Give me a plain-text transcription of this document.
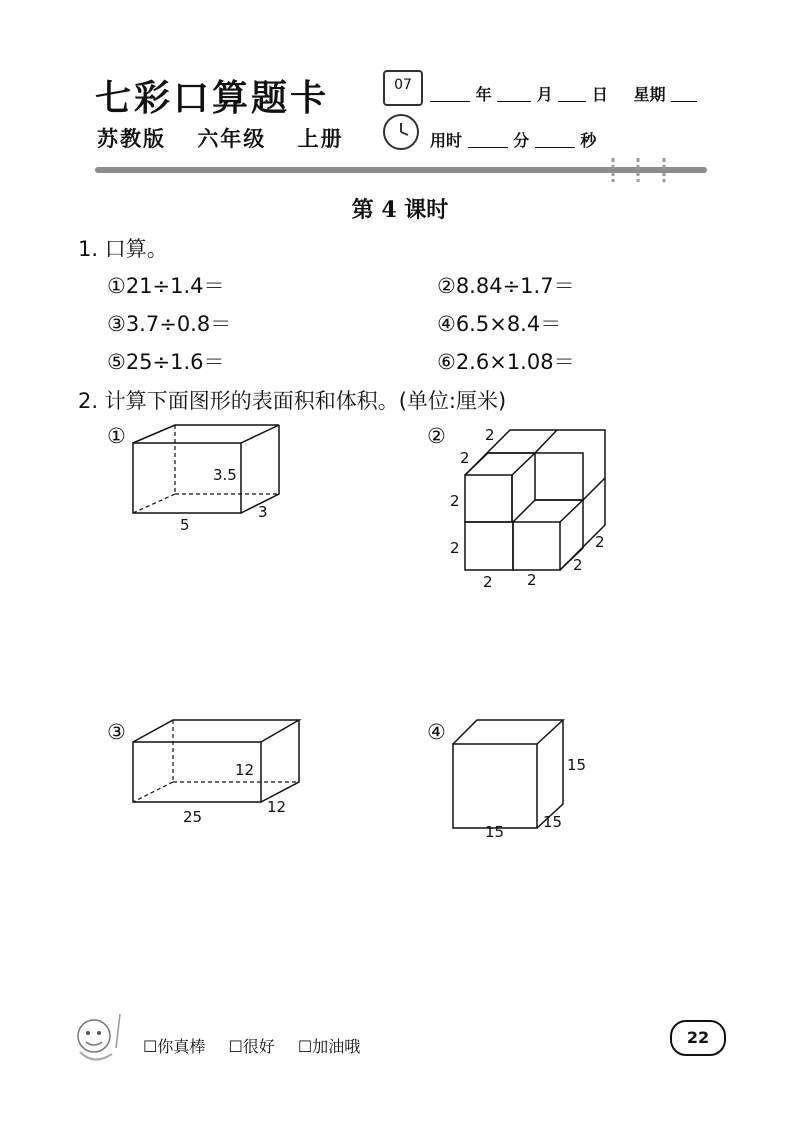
七彩口算题卡
苏教版 六年级 上册
07	年	月 日 星期
用时	分	秒
第 4 课时
1. 口算。
①21÷1.4＝	②8.84÷1.7＝
③3.7÷0.8＝	④6.5×8.4＝
⑤25÷1.6＝	⑥2.6×1.08＝
2. 计算下面图形的表面积和体积。(单位:厘米)
①
3.5
5
3
②	2
2
2
2
2 2
2
2
③
12
25
12
④
15
15
15
☐你真棒 ☐很好 ☐加油哦	22
